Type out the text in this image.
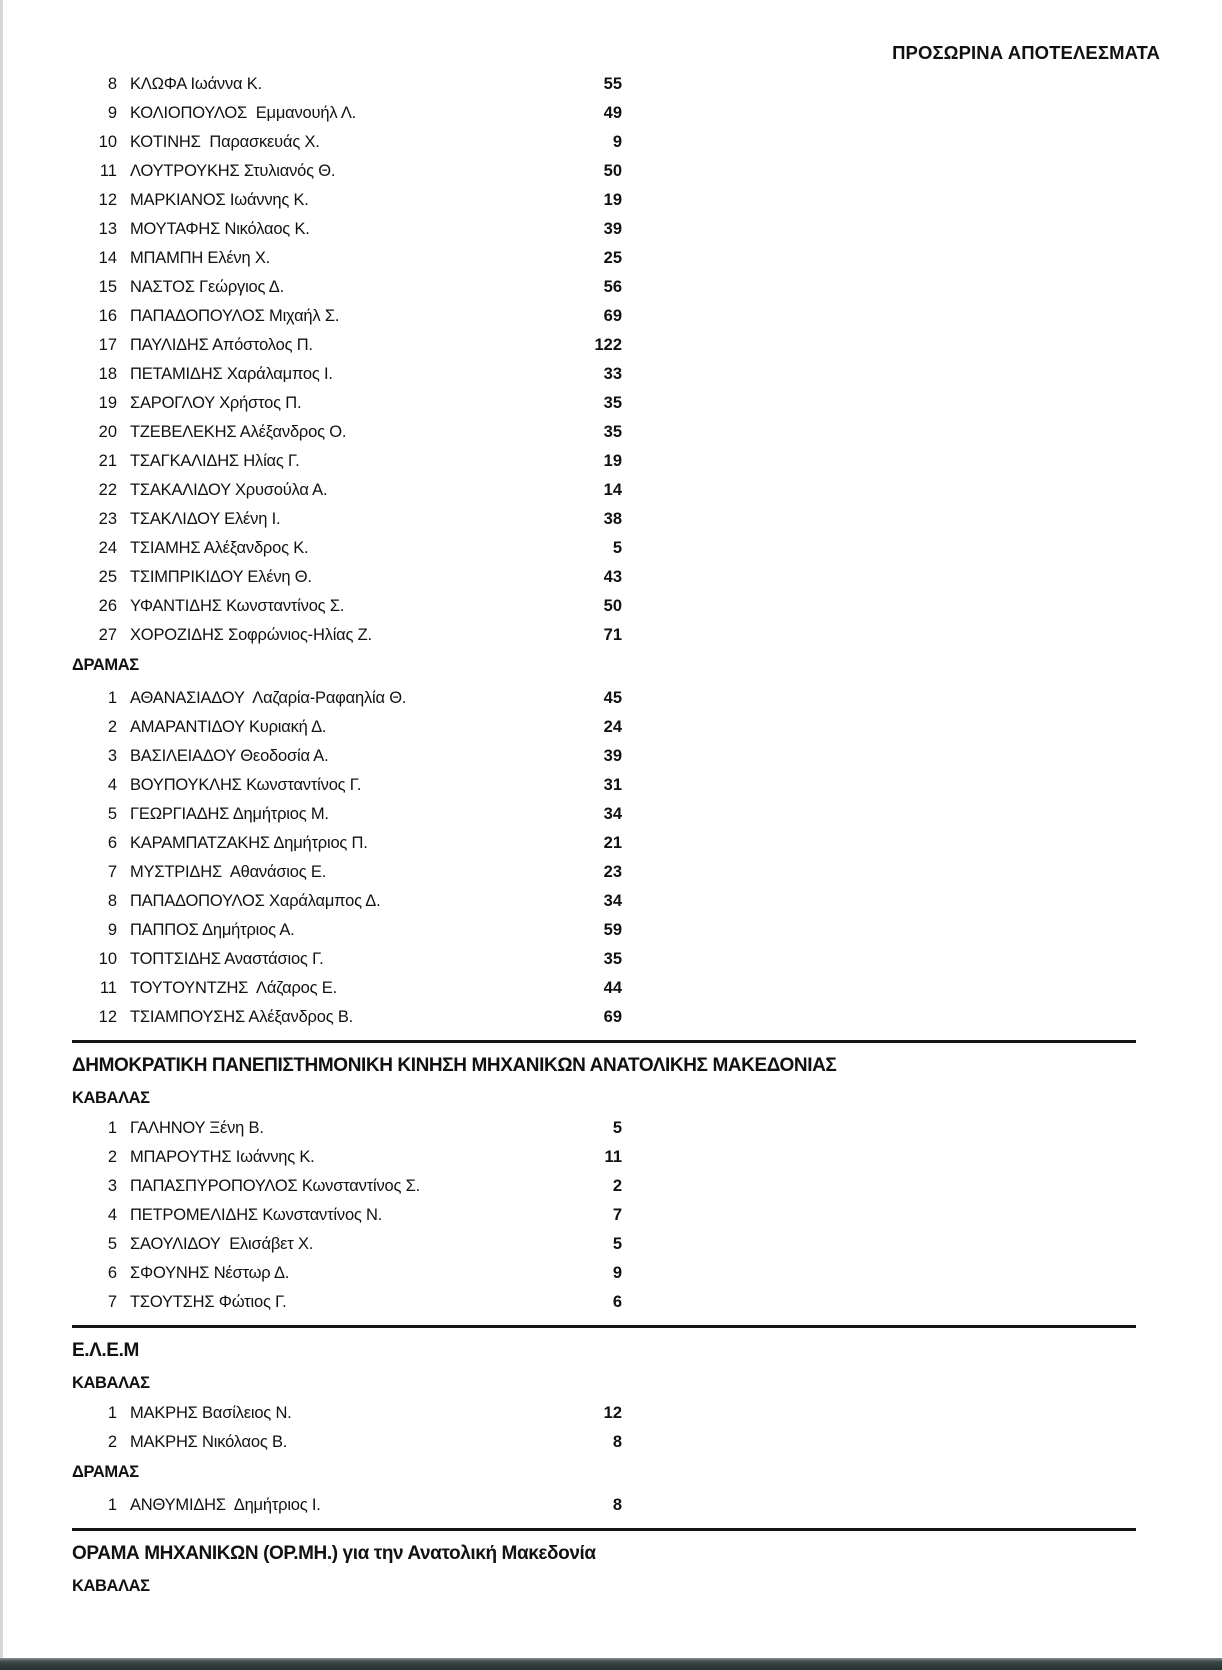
ΠΡΟΣΩΡΙΝΑ ΑΠΟΤΕΛΕΣΜΑΤΑ
8 ΚΛΩΦΑ Ιωάννα Κ.	55
9 ΚΟΛΙΟΠΟΥΛΟΣ  Εμμανουήλ Λ.	49
10 ΚΟΤΙΝΗΣ  Παρασκευάς Χ.	9
11 ΛΟΥΤΡΟΥΚΗΣ Στυλιανός Θ.	50
12 ΜΑΡΚΙΑΝΟΣ Ιωάννης Κ.	19
13 ΜΟΥΤΑΦΗΣ Νικόλαος Κ.	39
14 ΜΠΑΜΠΗ Ελένη Χ.	25
15 ΝΑΣΤΟΣ Γεώργιος Δ.	56
16 ΠΑΠΑΔΟΠΟΥΛΟΣ Μιχαήλ Σ.	69
17 ΠΑΥΛΙΔΗΣ Απόστολος Π.	122
18 ΠΕΤΑΜΙΔΗΣ Χαράλαμπος Ι.	33
19 ΣΑΡΟΓΛΟΥ Χρήστος Π.	35
20 ΤΖΕΒΕΛΕΚΗΣ Αλέξανδρος Ο.	35
21 ΤΣΑΓΚΑΛΙΔΗΣ Ηλίας Γ.	19
22 ΤΣΑΚΑΛΙΔΟΥ Χρυσούλα Α.	14
23 ΤΣΑΚΛΙΔΟΥ Ελένη Ι.	38
24 ΤΣΙΑΜΗΣ Αλέξανδρος Κ.	5
25 ΤΣΙΜΠΡΙΚΙΔΟΥ Ελένη Θ.	43
26 ΥΦΑΝΤΙΔΗΣ Κωνσταντίνος Σ.	50
27 ΧΟΡΟΖΙΔΗΣ Σοφρώνιος-Ηλίας Ζ.	71
ΔΡΑΜΑΣ
1 ΑΘΑΝΑΣΙΑΔΟΥ  Λαζαρία-Ραφαηλία Θ.	45
2 ΑΜΑΡΑΝΤΙΔΟΥ Κυριακή Δ.	24
3 ΒΑΣΙΛΕΙΑΔΟΥ Θεοδοσία Α.	39
4 ΒΟΥΠΟΥΚΛΗΣ Κωνσταντίνος Γ.	31
5 ΓΕΩΡΓΙΑΔΗΣ Δημήτριος Μ.	34
6 ΚΑΡΑΜΠΑΤΖΑΚΗΣ Δημήτριος Π.	21
7 ΜΥΣΤΡΙΔΗΣ  Αθανάσιος Ε.	23
8 ΠΑΠΑΔΟΠΟΥΛΟΣ Χαράλαμπος Δ.	34
9 ΠΑΠΠΟΣ Δημήτριος Α.	59
10 ΤΟΠΤΣΙΔΗΣ Αναστάσιος Γ.	35
11 ΤΟΥΤΟΥΝΤΖΗΣ  Λάζαρος Ε.	44
12 ΤΣΙΑΜΠΟΥΣΗΣ Αλέξανδρος Β.	69
ΔΗΜΟΚΡΑΤΙΚΗ ΠΑΝΕΠΙΣΤΗΜΟΝΙΚΗ ΚΙΝΗΣΗ ΜΗΧΑΝΙΚΩΝ ΑΝΑΤΟΛΙΚΗΣ ΜΑΚΕΔΟΝΙΑΣ
ΚΑΒΑΛΑΣ
1 ΓΑΛΗΝΟΥ Ξένη Β.	5
2 ΜΠΑΡΟΥΤΗΣ Ιωάννης Κ.	11
3 ΠΑΠΑΣΠΥΡΟΠΟΥΛΟΣ Κωνσταντίνος Σ.	2
4 ΠΕΤΡΟΜΕΛΙΔΗΣ Κωνσταντίνος Ν.	7
5 ΣΑΟΥΛΙΔΟΥ  Ελισάβετ Χ.	5
6 ΣΦΟΥΝΗΣ Νέστωρ Δ.	9
7 ΤΣΟΥΤΣΗΣ Φώτιος Γ.	6
Ε.Λ.Ε.Μ
ΚΑΒΑΛΑΣ
1 ΜΑΚΡΗΣ Βασίλειος Ν.	12
2 ΜΑΚΡΗΣ Νικόλαος Β.	8
ΔΡΑΜΑΣ
1 ΑΝΘΥΜΙΔΗΣ  Δημήτριος Ι.	8
ΟΡΑΜΑ ΜΗΧΑΝΙΚΩΝ (ΟΡ.ΜΗ.) για την Ανατολική Μακεδονία
ΚΑΒΑΛΑΣ
